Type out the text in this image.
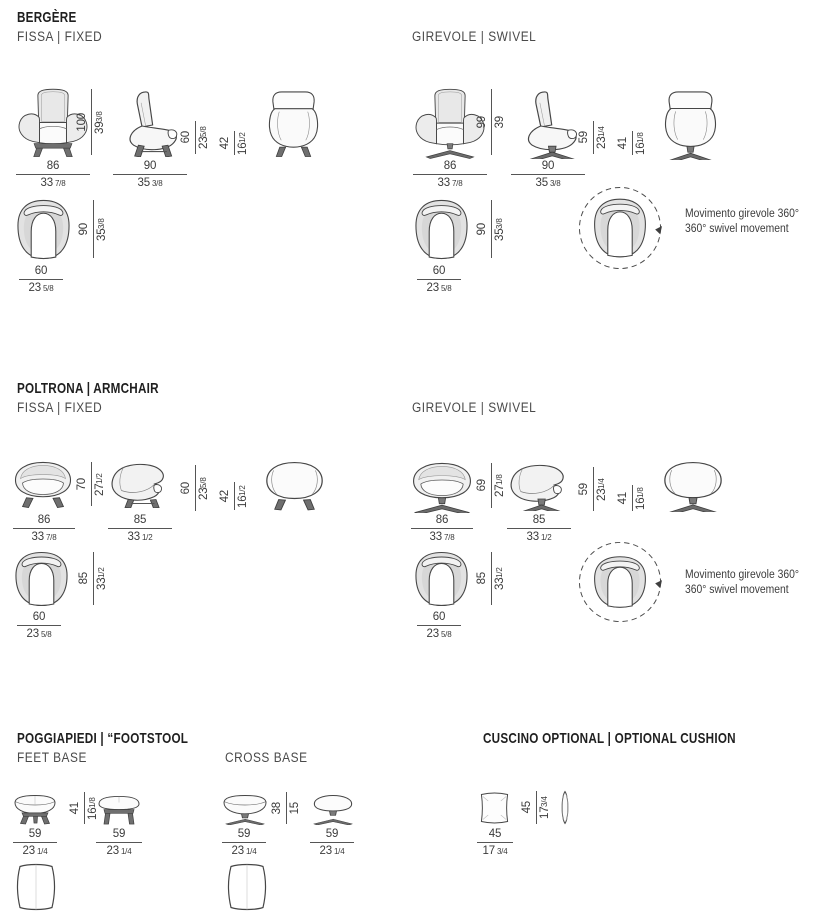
BERGÈRE
FISSA | FIXED	GIREVOLE | SWIVEL
100 393/8
60 235/8
42 161/2
86
33 7/8
90
35 3/8
90 353/8
60
23 5/8
99 39
59 231/4
41 161/8
86
33 7/8
90
35 3/8
90 353/8
60
23 5/8
Movimento girevole 360°
360° swivel movement
POLTRONA | ARMCHAIR
FISSA | FIXED	GIREVOLE | SWIVEL
70 271/2
60 235/8
42 161/2
86
33 7/8
85
33 1/2
85 331/2
60
23 5/8
69 271/8
59 231/4
41 161/8
86
33 7/8
85
33 1/2
85 331/2
60
23 5/8
Movimento girevole 360°
360° swivel movement
POGGIAPIEDI | “FOOTSTOOL
FEET BASE	CROSS BASE
CUSCINO OPTIONAL | OPTIONAL CUSHION
41 161/8
59
23 1/4
59
23 1/4
38 15
59
23 1/4
59
23 1/4
45 173/4
45
17 3/4
